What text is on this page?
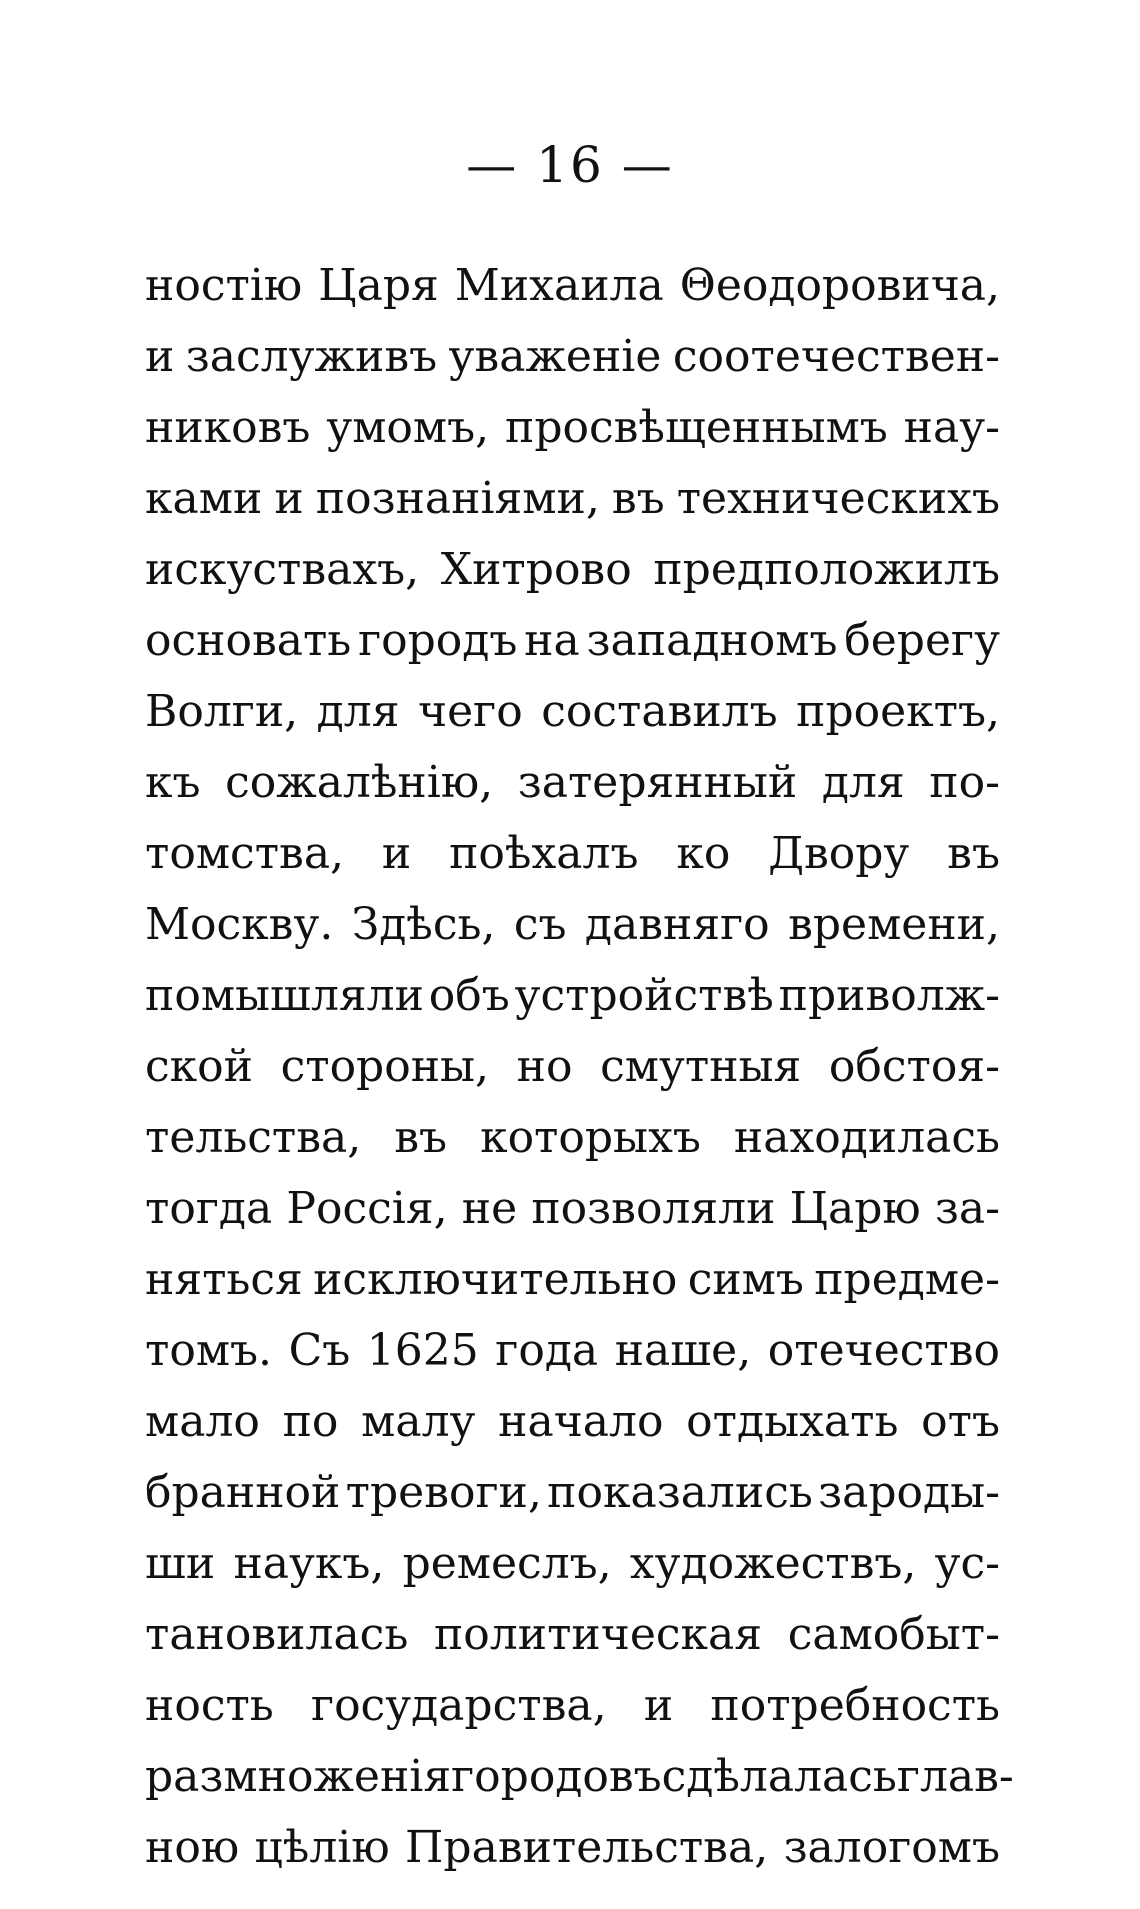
— 16 —
ностію Царя Михаила Θеодоровича,
и заслуживъ уваженіе соотечествен-
никовъ умомъ, просвѣщеннымъ нау-
ками и познаніями, въ техническихъ
искуствахъ, Хитрово предположилъ
основать городъ на западномъ берегу
Волги, для чего составилъ проектъ,
къ сожалѣнію, затерянный для по-
томства, и поѣхалъ ко Двору въ
Москву. Здѣсь, съ давняго времени,
помышляли объ устройствѣ приволж-
ской стороны, но смутныя обстоя-
тельства, въ которыхъ находилась
тогда Россія, не позволяли Царю за-
няться исключительно симъ предме-
томъ. Съ 1625 года наше, отечество
мало по малу начало отдыхать отъ
бранной тревоги, показались зароды-
ши наукъ, ремеслъ, художествъ, ус-
тановилась политическая самобыт-
ность государства, и потребность
размноженія городовъ сдѣлалась глав-
ною цѣлію Правительства, залогомъ
